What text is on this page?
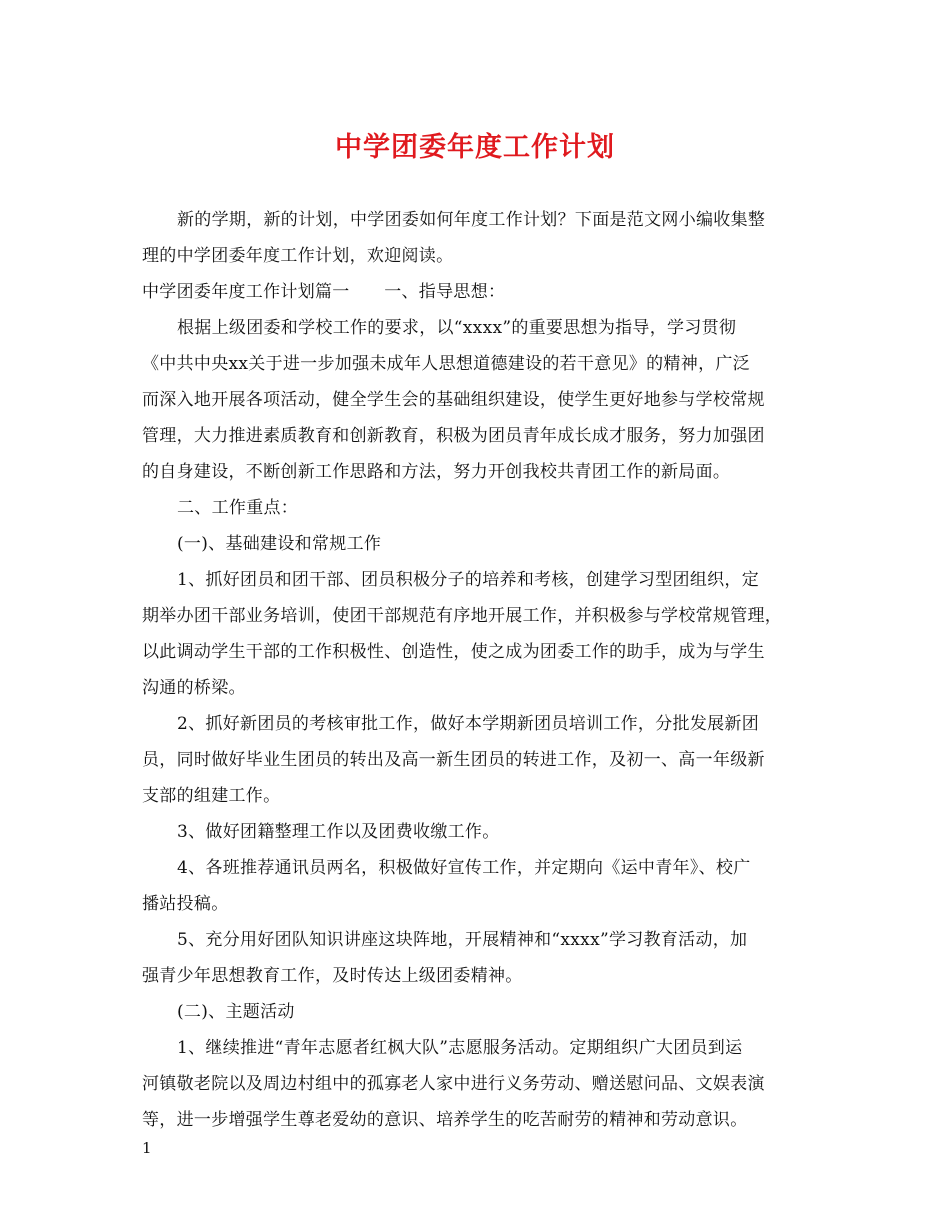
中学团委年度工作计划
新的学期，新的计划，中学团委如何年度工作计划？下面是范文网小编收集整
理的中学团委年度工作计划，欢迎阅读。
中学团委年度工作计划篇一　　一、指导思想：
根据上级团委和学校工作的要求，以“xxxx”的重要思想为指导，学习贯彻
《中共中央xx关于进一步加强未成年人思想道德建设的若干意见》的精神，广泛
而深入地开展各项活动，健全学生会的基础组织建设，使学生更好地参与学校常规
管理，大力推进素质教育和创新教育，积极为团员青年成长成才服务，努力加强团
的自身建设，不断创新工作思路和方法，努力开创我校共青团工作的新局面。
二、工作重点：
(一)、基础建设和常规工作
1、抓好团员和团干部、团员积极分子的培养和考核，创建学习型团组织，定
期举办团干部业务培训，使团干部规范有序地开展工作，并积极参与学校常规管理，
以此调动学生干部的工作积极性、创造性，使之成为团委工作的助手，成为与学生
沟通的桥梁。
2、抓好新团员的考核审批工作，做好本学期新团员培训工作，分批发展新团
员，同时做好毕业生团员的转出及高一新生团员的转进工作，及初一、高一年级新
支部的组建工作。
3、做好团籍整理工作以及团费收缴工作。
4、各班推荐通讯员两名，积极做好宣传工作，并定期向《运中青年》、校广
播站投稿。
5、充分用好团队知识讲座这块阵地，开展精神和“xxxx”学习教育活动，加
强青少年思想教育工作，及时传达上级团委精神。
(二)、主题活动
1、继续推进“青年志愿者红枫大队”志愿服务活动。定期组织广大团员到运
河镇敬老院以及周边村组中的孤寡老人家中进行义务劳动、赠送慰问品、文娱表演
等，进一步增强学生尊老爱幼的意识、培养学生的吃苦耐劳的精神和劳动意识。
1
